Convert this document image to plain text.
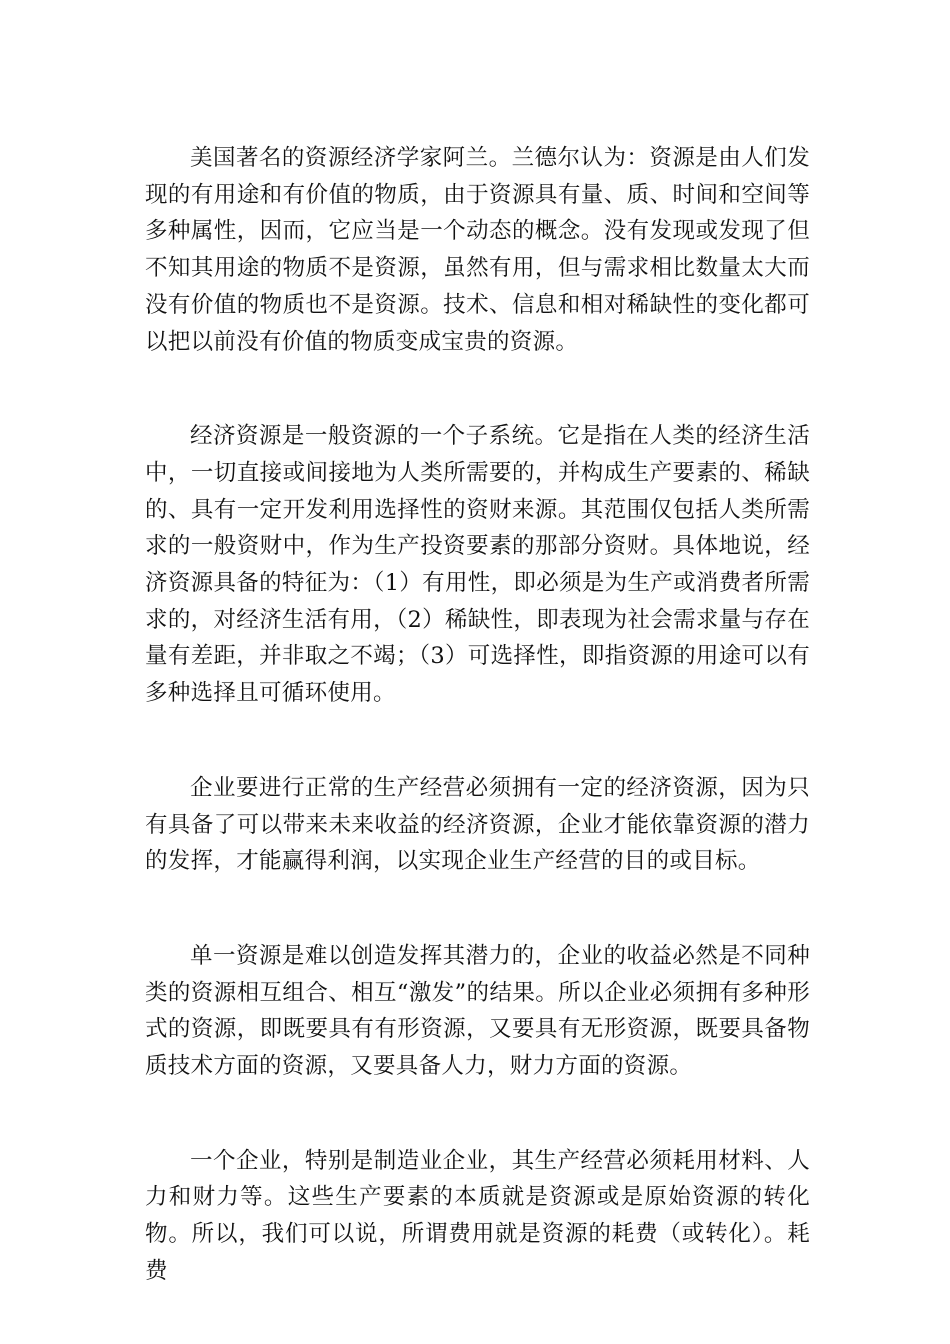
美国著名的资源经济学家阿兰。兰德尔认为：资源是由人们发现的有用途和有价值的物质，由于资源具有量、质、时间和空间等多种属性，因而，它应当是一个动态的概念。没有发现或发现了但不知其用途的物质不是资源，虽然有用，但与需求相比数量太大而没有价值的物质也不是资源。技术、信息和相对稀缺性的变化都可以把以前没有价值的物质变成宝贵的资源。

经济资源是一般资源的一个子系统。它是指在人类的经济生活中，一切直接或间接地为人类所需要的，并构成生产要素的、稀缺的、具有一定开发利用选择性的资财来源。其范围仅包括人类所需求的一般资财中，作为生产投资要素的那部分资财。具体地说，经济资源具备的特征为：（1）有用性，即必须是为生产或消费者所需求的，对经济生活有用，（2）稀缺性，即表现为社会需求量与存在量有差距，并非取之不竭；（3）可选择性，即指资源的用途可以有多种选择且可循环使用。

企业要进行正常的生产经营必须拥有一定的经济资源，因为只有具备了可以带来未来收益的经济资源，企业才能依靠资源的潜力的发挥，才能赢得利润，以实现企业生产经营的目的或目标。

单一资源是难以创造发挥其潜力的，企业的收益必然是不同种类的资源相互组合、相互“激发”的结果。所以企业必须拥有多种形式的资源，即既要具有有形资源，又要具有无形资源，既要具备物质技术方面的资源，又要具备人力，财力方面的资源。

一个企业，特别是制造业企业，其生产经营必须耗用材料、人力和财力等。这些生产要素的本质就是资源或是原始资源的转化物。所以，我们可以说，所谓费用就是资源的耗费（或转化）。耗费
